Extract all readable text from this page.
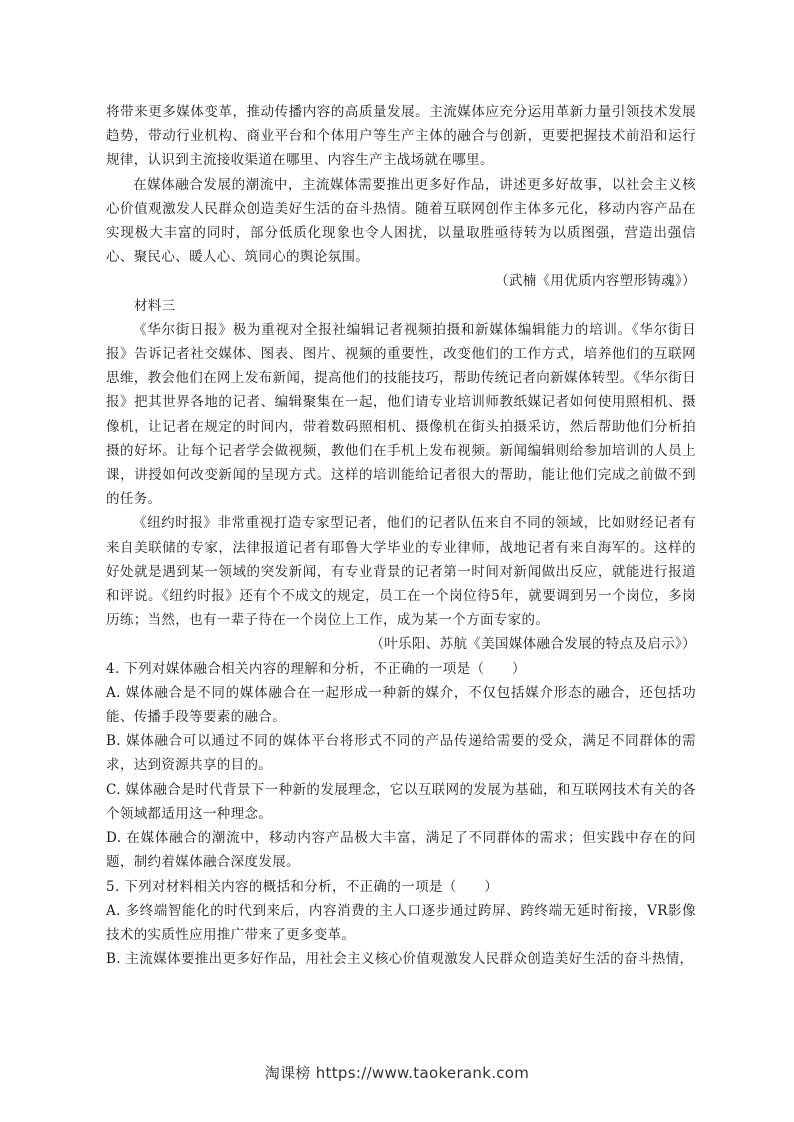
将带来更多媒体变革，推动传播内容的高质量发展。主流媒体应充分运用革新力量引领技术发展趋势，带动行业机构、商业平台和个体用户等生产主体的融合与创新，更要把握技术前沿和运行规律，认识到主流接收渠道在哪里、内容生产主战场就在哪里。

在媒体融合发展的潮流中，主流媒体需要推出更多好作品，讲述更多好故事，以社会主义核心价值观激发人民群众创造美好生活的奋斗热情。随着互联网创作主体多元化，移动内容产品在实现极大丰富的同时，部分低质化现象也令人困扰，以量取胜亟待转为以质图强，营造出强信心、聚民心、暖人心、筑同心的舆论氛围。

（武楠《用优质内容塑形铸魂》）

材料三

《华尔街日报》极为重视对全报社编辑记者视频拍摄和新媒体编辑能力的培训。《华尔街日报》告诉记者社交媒体、图表、图片、视频的重要性，改变他们的工作方式，培养他们的互联网思维，教会他们在网上发布新闻，提高他们的技能技巧，帮助传统记者向新媒体转型。《华尔街日报》把其世界各地的记者、编辑聚集在一起，他们请专业培训师教纸媒记者如何使用照相机、摄像机，让记者在规定的时间内，带着数码照相机、摄像机在街头拍摄采访，然后帮助他们分析拍摄的好坏。让每个记者学会做视频，教他们在手机上发布视频。新闻编辑则给参加培训的人员上课，讲授如何改变新闻的呈现方式。这样的培训能给记者很大的帮助，能让他们完成之前做不到的任务。

《纽约时报》非常重视打造专家型记者，他们的记者队伍来自不同的领域，比如财经记者有来自美联储的专家，法律报道记者有耶鲁大学毕业的专业律师，战地记者有来自海军的。这样的好处就是遇到某一领域的突发新闻，有专业背景的记者第一时间对新闻做出反应，就能进行报道和评说。《纽约时报》还有个不成文的规定，员工在一个岗位待5年，就要调到另一个岗位，多岗历练；当然，也有一辈子待在一个岗位上工作，成为某一个方面专家的。

（叶乐阳、苏航《美国媒体融合发展的特点及启示》）

4. 下列对媒体融合相关内容的理解和分析，不正确的一项是（　　）

A. 媒体融合是不同的媒体融合在一起形成一种新的媒介，不仅包括媒介形态的融合，还包括功能、传播手段等要素的融合。

B. 媒体融合可以通过不同的媒体平台将形式不同的产品传递给需要的受众，满足不同群体的需求，达到资源共享的目的。

C. 媒体融合是时代背景下一种新的发展理念，它以互联网的发展为基础，和互联网技术有关的各个领域都适用这一种理念。

D. 在媒体融合的潮流中，移动内容产品极大丰富，满足了不同群体的需求；但实践中存在的问题，制约着媒体融合深度发展。

5. 下列对材料相关内容的概括和分析，不正确的一项是（　　）

A. 多终端智能化的时代到来后，内容消费的主人口逐步通过跨屏、跨终端无延时衔接，VR影像技术的实质性应用推广带来了更多变革。

B. 主流媒体要推出更多好作品，用社会主义核心价值观激发人民群众创造美好生活的奋斗热情，

淘课榜 https://www.taokerank.com
